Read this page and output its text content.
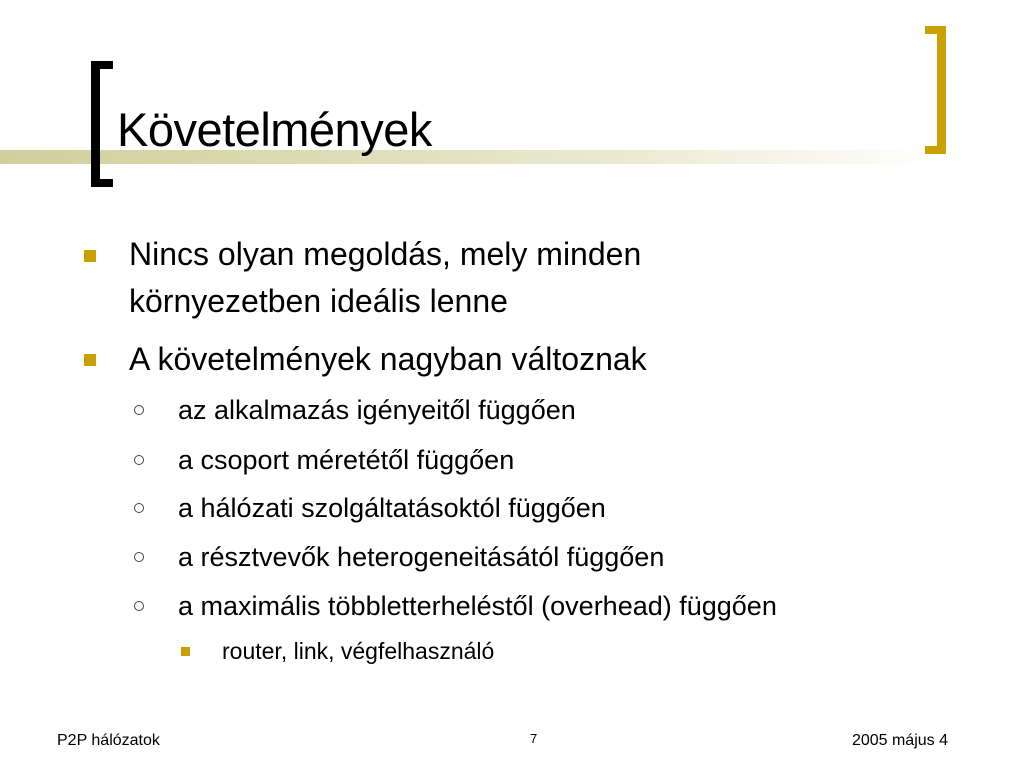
Követelmények
Nincs olyan megoldás, mely minden
környezetben ideális lenne
A követelmények nagyban változnak
az alkalmazás igényeitől függően
a csoport méretétől függően
a hálózati szolgáltatásoktól függően
a résztvevők heterogeneitásától függően
a maximális többletterheléstől (overhead) függően
router, link, végfelhasználó
P2P hálózatok	7	2005 május 4
